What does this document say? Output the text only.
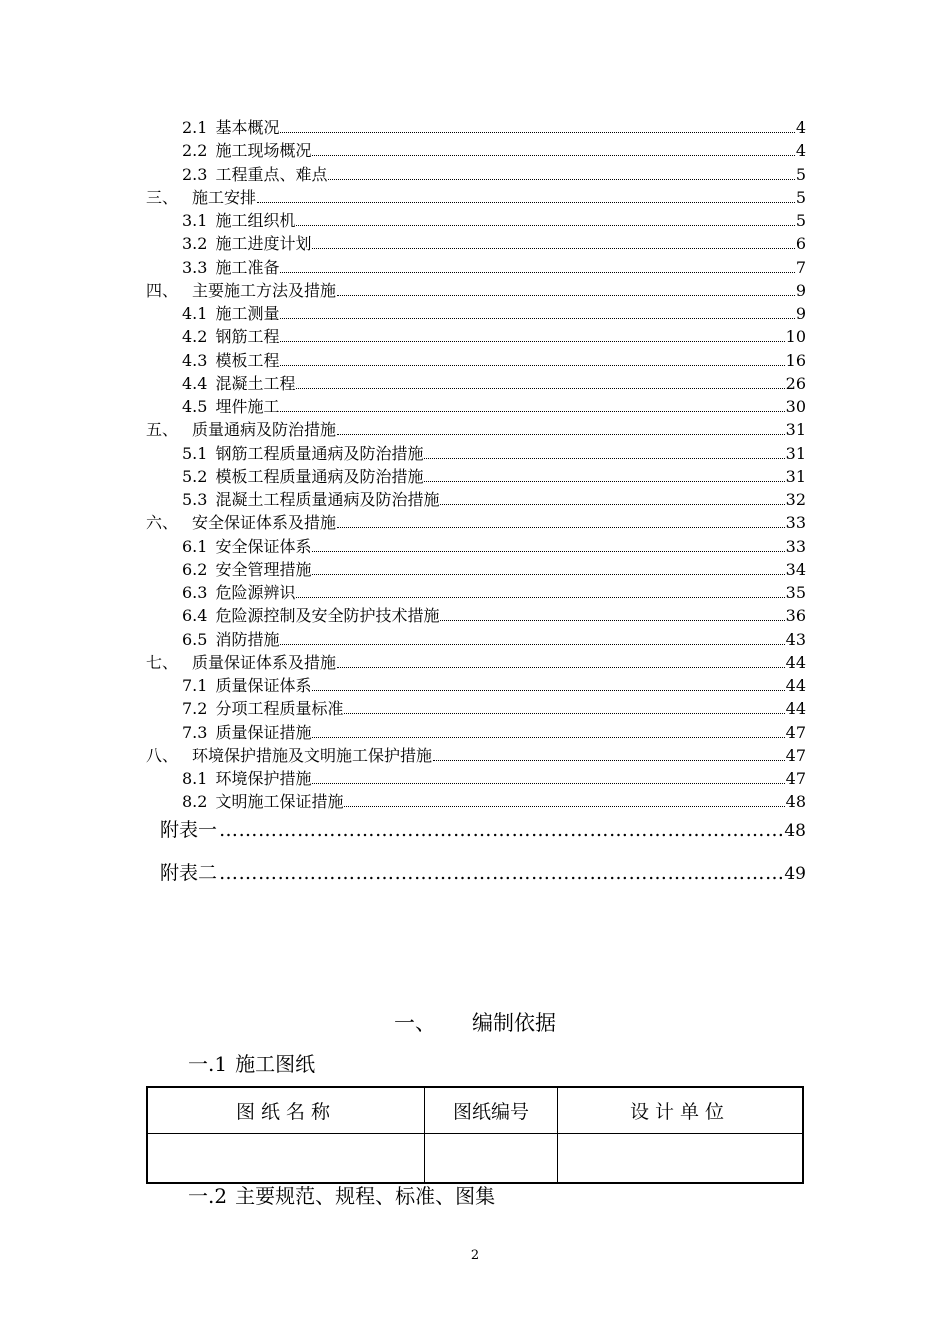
2.1 基本概况	4
2.2 施工现场概况	4
2.3 工程重点、难点	5
三、 施工安排	5
3.1 施工组织机	5
3.2 施工进度计划	6
3.3 施工准备	7
四、 主要施工方法及措施	9
4.1 施工测量	9
4.2 钢筋工程	10
4.3 模板工程	16
4.4 混凝土工程	26
4.5 埋件施工	30
五、 质量通病及防治措施	31
5.1 钢筋工程质量通病及防治措施	31
5.2 模板工程质量通病及防治措施	31
5.3 混凝土工程质量通病及防治措施	32
六、 安全保证体系及措施	33
6.1 安全保证体系	33
6.2 安全管理措施	34
6.3 危险源辨识	35
6.4 危险源控制及安全防护技术措施	36
6.5 消防措施	43
七、 质量保证体系及措施	44
7.1 质量保证体系	44
7.2 分项工程质量标准	44
7.3 质量保证措施	47
八、 环境保护措施及文明施工保护措施	47
8.1 环境保护措施	47
8.2 文明施工保证措施	48
附表一 …………………………………………………………………………………………………	48
附表二 …………………………………………………………………………………………………	49
一、 编制依据
一.1 施工图纸
图纸名称	图纸编号	设计单位

一.2 主要规范、规程、标准、图集
2
